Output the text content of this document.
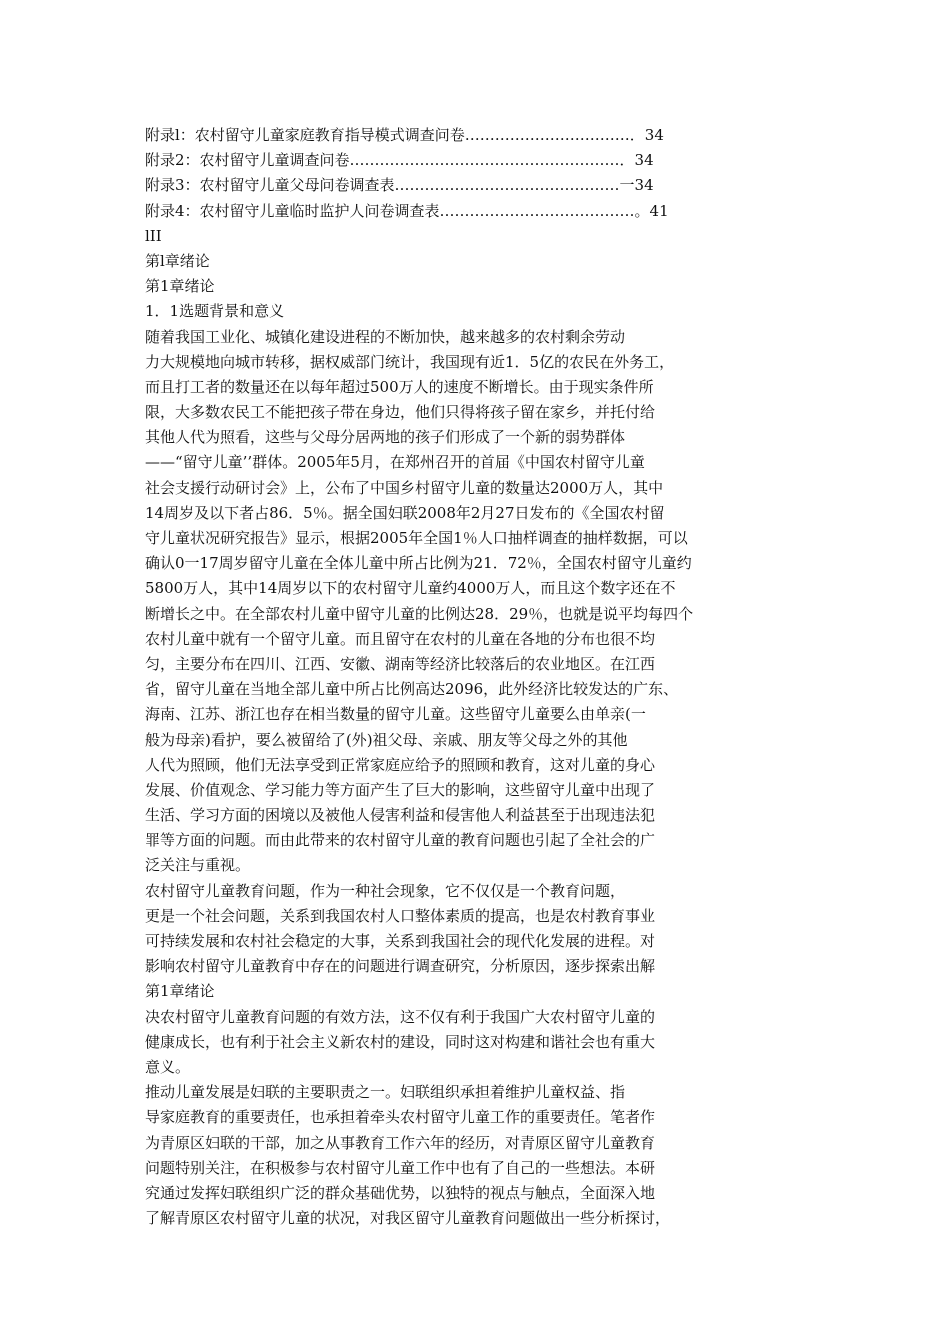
附录l：农村留守儿童家庭教育指导模式调查问卷……………………………．34
附录2：农村留守儿童调查问卷………………………………………………．34
附录3：农村留守儿童父母问卷调查表………………………………………一34
附录4：农村留守儿童临时监护人问卷调查表…………………………………。41
lII
第l章绪论
第1章绪论
1．1选题背景和意义
随着我国工业化、城镇化建设进程的不断加快，越来越多的农村剩余劳动
力大规模地向城市转移，据权威部门统计，我国现有近1．5亿的农民在外务工，
而且打工者的数量还在以每年超过500万人的速度不断增长。由于现实条件所
限，大多数农民工不能把孩子带在身边，他们只得将孩子留在家乡，并托付给
其他人代为照看，这些与父母分居两地的孩子们形成了一个新的弱势群体
——“留守儿童’’群体。2005年5月，在郑州召开的首届《中国农村留守儿童
社会支援行动研讨会》上，公布了中国乡村留守儿童的数量达2000万人，其中
14周岁及以下者占86．5％。据全国妇联2008年2月27日发布的《全国农村留
守儿童状况研究报告》显示，根据2005年全国1％人口抽样调查的抽样数据，可以
确认0一17周岁留守儿童在全体儿童中所占比例为21．72％，全国农村留守儿童约
5800万人，其中14周岁以下的农村留守儿童约4000万人，而且这个数字还在不
断增长之中。在全部农村儿童中留守儿童的比例达28．29％，也就是说平均每四个
农村儿童中就有一个留守儿童。而且留守在农村的儿童在各地的分布也很不均
匀，主要分布在四川、江西、安徽、湖南等经济比较落后的农业地区。在江西
省，留守儿童在当地全部儿童中所占比例高达2096，此外经济比较发达的广东、
海南、江苏、浙江也存在相当数量的留守儿童。这些留守儿童要么由单亲(一
般为母亲)看护，要么被留给了(外)祖父母、亲戚、朋友等父母之外的其他
人代为照顾，他们无法享受到正常家庭应给予的照顾和教育，这对儿童的身心
发展、价值观念、学习能力等方面产生了巨大的影响，这些留守儿童中出现了
生活、学习方面的困境以及被他人侵害利益和侵害他人利益甚至于出现违法犯
罪等方面的问题。而由此带来的农村留守儿童的教育问题也引起了全社会的广
泛关注与重视。
农村留守儿童教育问题，作为一种社会现象，它不仅仅是一个教育问题，
更是一个社会问题，关系到我国农村人口整体素质的提高，也是农村教育事业
可持续发展和农村社会稳定的大事，关系到我国社会的现代化发展的进程。对
影响农村留守儿童教育中存在的问题进行调查研究，分析原因，逐步探索出解
第1章绪论
决农村留守儿童教育问题的有效方法，这不仅有利于我国广大农村留守儿童的
健康成长，也有利于社会主义新农村的建设，同时这对构建和谐社会也有重大
意义。
推动儿童发展是妇联的主要职责之一。妇联组织承担着维护儿童权益、指
导家庭教育的重要责任，也承担着牵头农村留守儿童工作的重要责任。笔者作
为青原区妇联的干部，加之从事教育工作六年的经历，对青原区留守儿童教育
问题特别关注，在积极参与农村留守儿童工作中也有了自己的一些想法。本研
究通过发挥妇联组织广泛的群众基础优势，以独特的视点与触点，全面深入地
了解青原区农村留守儿童的状况，对我区留守儿童教育问题做出一些分析探讨，
